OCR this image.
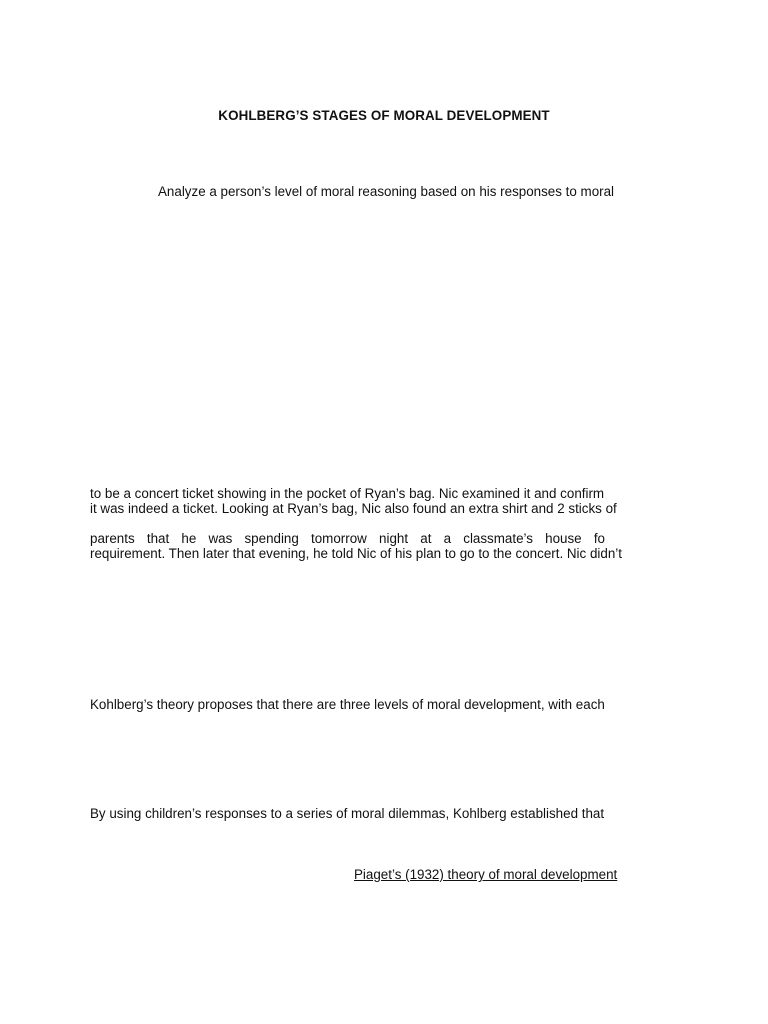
KOHLBERG’S STAGES OF MORAL DEVELOPMENT

Analyze a person’s level of moral reasoning based on his responses to moral

to be a concert ticket showing in the pocket of Ryan’s bag. Nic examined it and confirm

it was indeed a ticket. Looking at Ryan’s bag, Nic also found an extra shirt and 2 sticks of

parents that he was spending tomorrow night at a classmate’s house fo

requirement. Then later that evening, he told Nic of his plan to go to the concert. Nic didn’t

Kohlberg’s theory proposes that there are three levels of moral development, with each

By using children’s responses to a series of moral dilemmas, Kohlberg established that

Piaget’s (1932) theory of moral development
